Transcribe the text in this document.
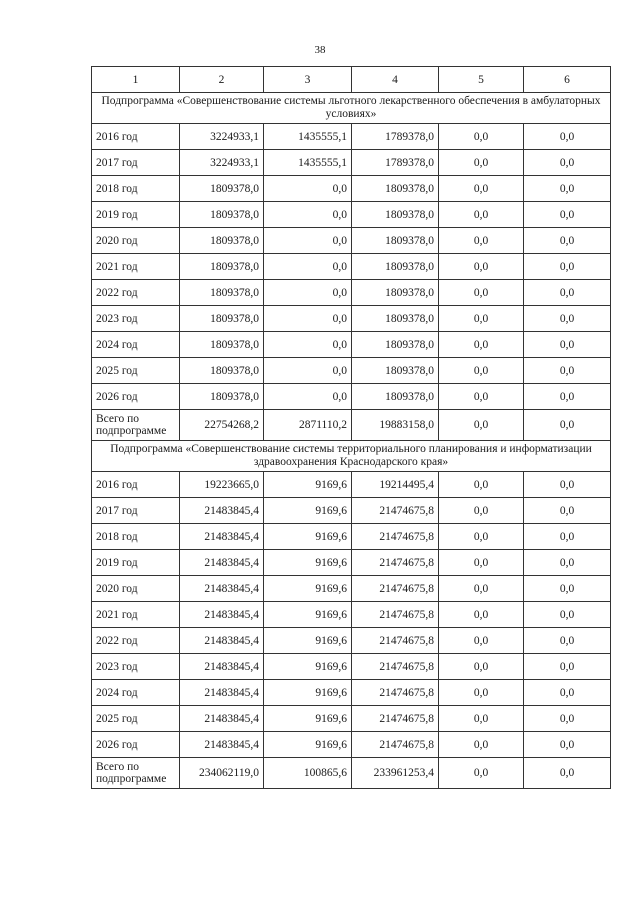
38
1	2	3	4	5	6
Подпрограмма «Совершенствование системы льготного лекарственного обеспечения в амбулаторных условиях»					
2016 год	3224933,1	1435555,1	1789378,0	0,0	0,0
2017 год	3224933,1	1435555,1	1789378,0	0,0	0,0
2018 год	1809378,0	0,0	1809378,0	0,0	0,0
2019 год	1809378,0	0,0	1809378,0	0,0	0,0
2020 год	1809378,0	0,0	1809378,0	0,0	0,0
2021 год	1809378,0	0,0	1809378,0	0,0	0,0
2022 год	1809378,0	0,0	1809378,0	0,0	0,0
2023 год	1809378,0	0,0	1809378,0	0,0	0,0
2024 год	1809378,0	0,0	1809378,0	0,0	0,0
2025 год	1809378,0	0,0	1809378,0	0,0	0,0
2026 год	1809378,0	0,0	1809378,0	0,0	0,0
Всего по подпрограмме	22754268,2	2871110,2	19883158,0	0,0	0,0
Подпрограмма «Совершенствование системы территориального планирования и информатизации здравоохранения Краснодарского края»					
2016 год	19223665,0	9169,6	19214495,4	0,0	0,0
2017 год	21483845,4	9169,6	21474675,8	0,0	0,0
2018 год	21483845,4	9169,6	21474675,8	0,0	0,0
2019 год	21483845,4	9169,6	21474675,8	0,0	0,0
2020 год	21483845,4	9169,6	21474675,8	0,0	0,0
2021 год	21483845,4	9169,6	21474675,8	0,0	0,0
2022 год	21483845,4	9169,6	21474675,8	0,0	0,0
2023 год	21483845,4	9169,6	21474675,8	0,0	0,0
2024 год	21483845,4	9169,6	21474675,8	0,0	0,0
2025 год	21483845,4	9169,6	21474675,8	0,0	0,0
2026 год	21483845,4	9169,6	21474675,8	0,0	0,0
Всего по подпрограмме	234062119,0	100865,6	233961253,4	0,0	0,0
